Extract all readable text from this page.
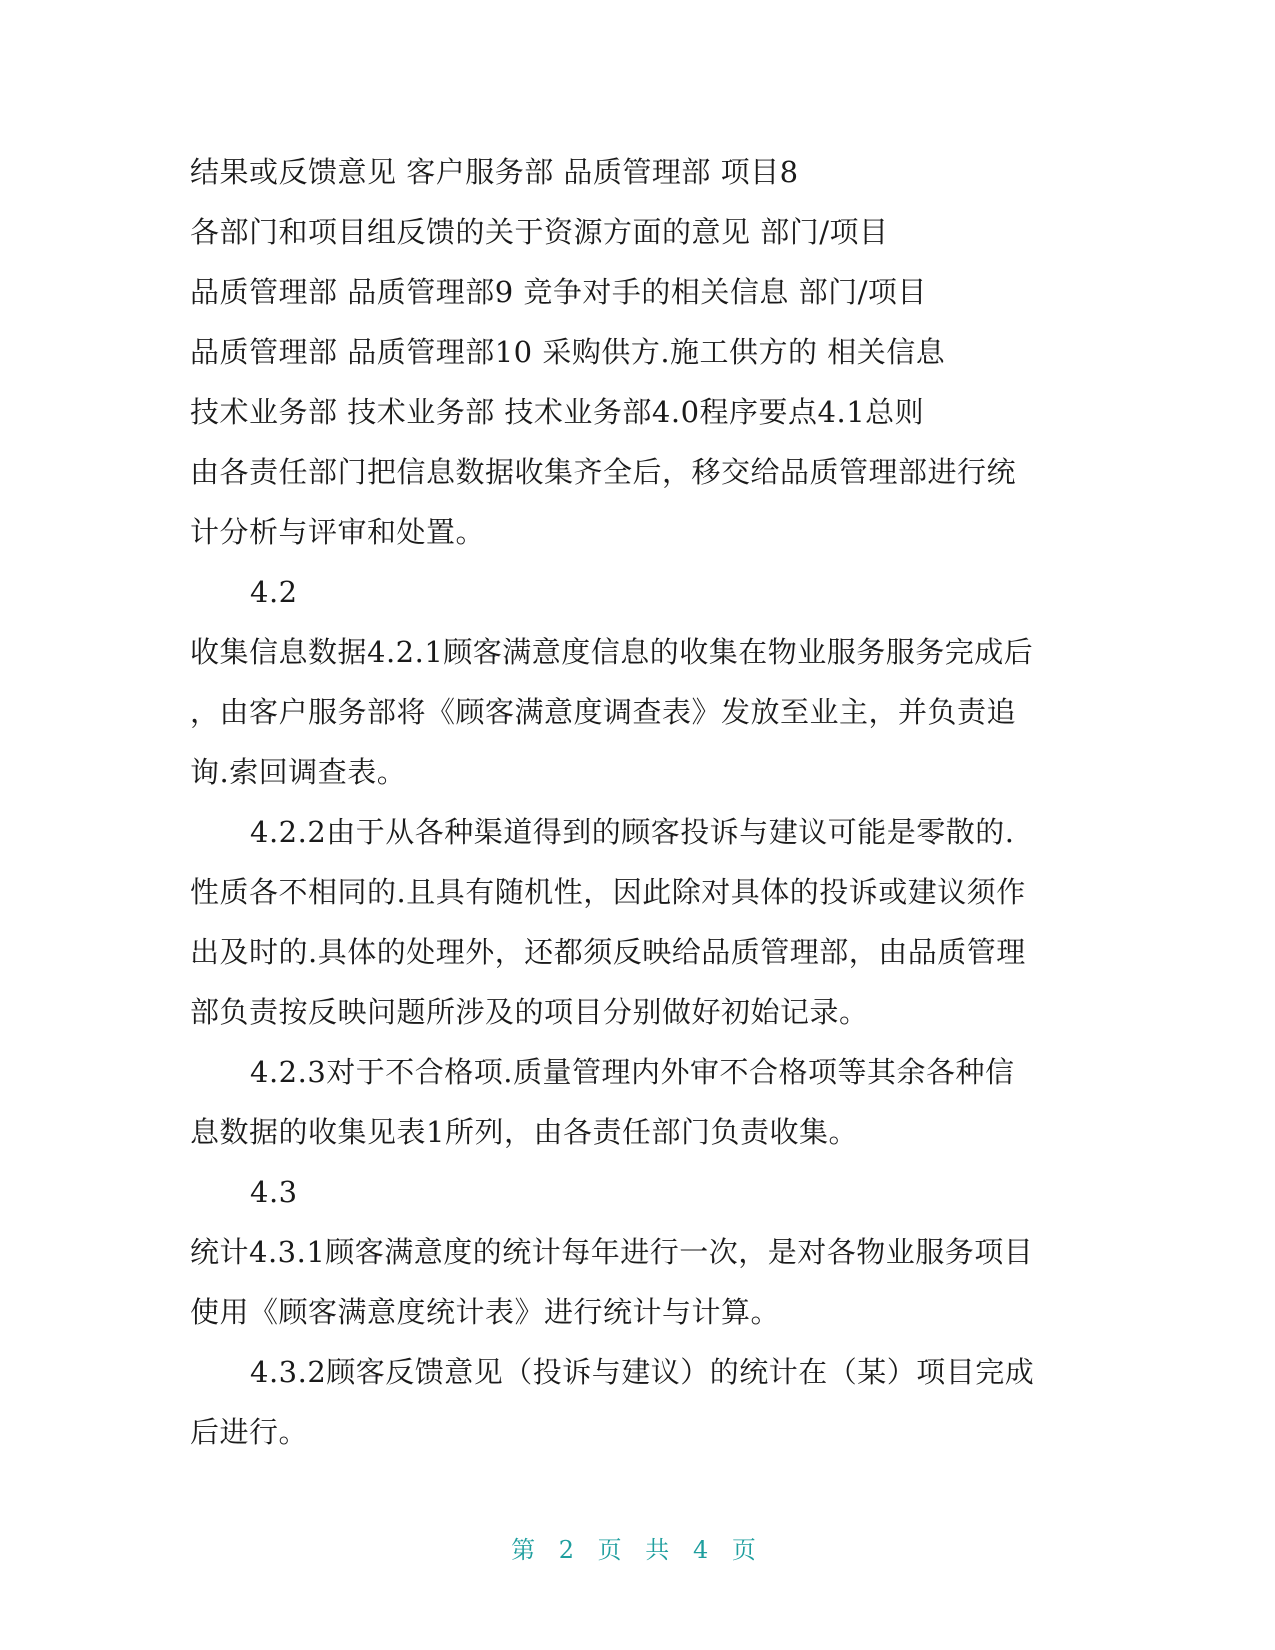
结果或反馈意见 客户服务部 品质管理部 项目8
各部门和项目组反馈的关于资源方面的意见 部门/项目
品质管理部 品质管理部9 竞争对手的相关信息 部门/项目
品质管理部 品质管理部10 采购供方.施工供方的 相关信息
技术业务部 技术业务部 技术业务部4.0程序要点4.1总则
由各责任部门把信息数据收集齐全后，移交给品质管理部进行统
计分析与评审和处置。
4.2
收集信息数据4.2.1顾客满意度信息的收集在物业服务服务完成后
，由客户服务部将《顾客满意度调查表》发放至业主，并负责追
询.索回调查表。
4.2.2由于从各种渠道得到的顾客投诉与建议可能是零散的.
性质各不相同的.且具有随机性，因此除对具体的投诉或建议须作
出及时的.具体的处理外，还都须反映给品质管理部，由品质管理
部负责按反映问题所涉及的项目分别做好初始记录。
4.2.3对于不合格项.质量管理内外审不合格项等其余各种信
息数据的收集见表1所列，由各责任部门负责收集。
4.3
统计4.3.1顾客满意度的统计每年进行一次，是对各物业服务项目
使用《顾客满意度统计表》进行统计与计算。
4.3.2顾客反馈意见（投诉与建议）的统计在（某）项目完成
后进行。
第 2 页 共 4 页
